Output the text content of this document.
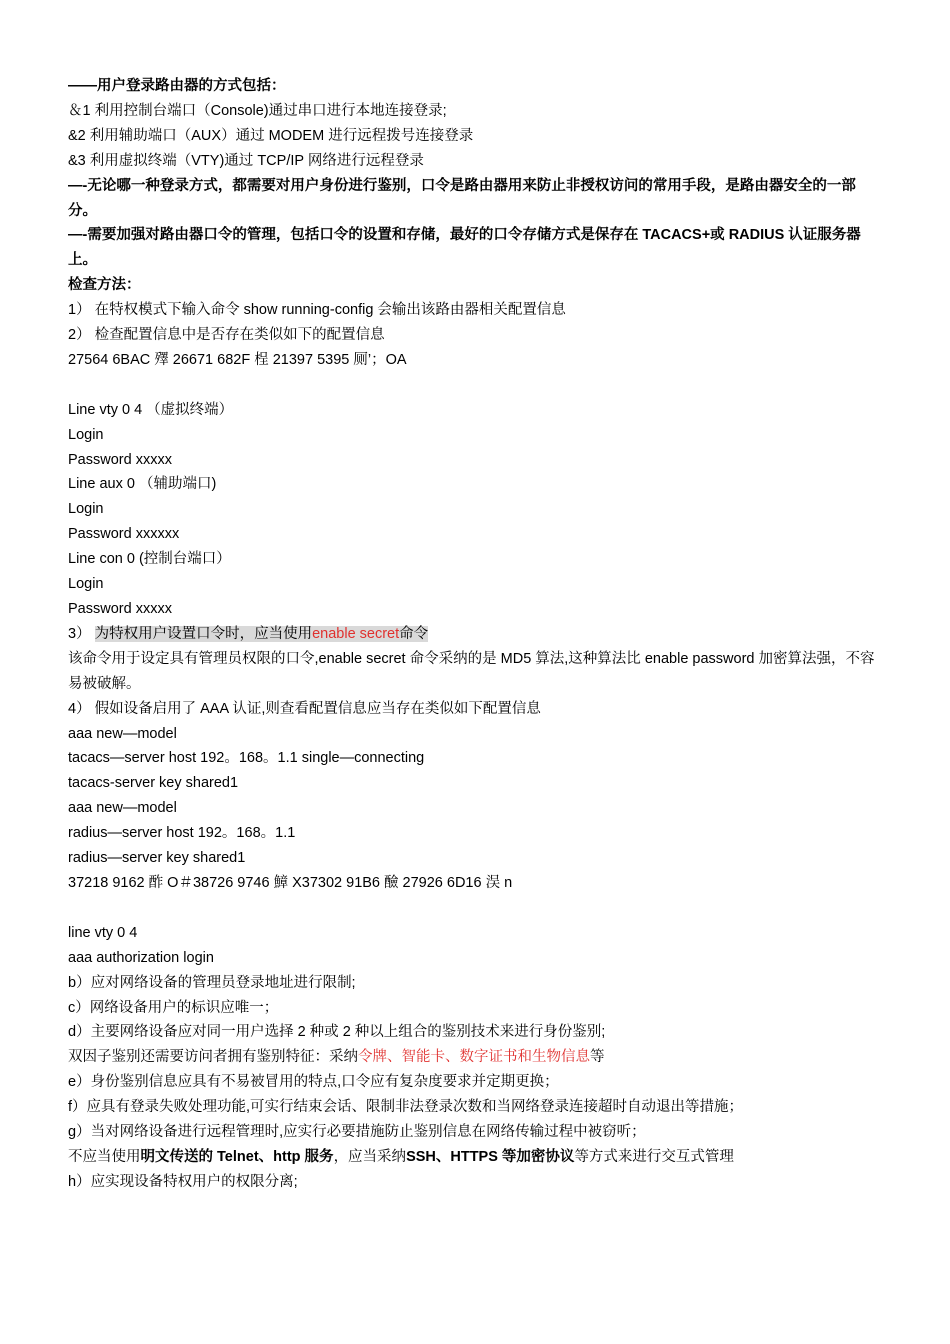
——用户登录路由器的方式包括：
＆1 利用控制台端口（Console)通过串口进行本地连接登录;
&2 利用辅助端口（AUX）通过 MODEM 进行远程拨号连接登录
&3 利用虚拟终端（VTY)通过 TCP/IP 网络进行远程登录
—-无论哪一种登录方式，都需要对用户身份进行鉴别，口令是路由器用来防止非授权访问的常用手段，是路由器安全的一部分。
—-需要加强对路由器口令的管理，包括口令的设置和存储，最好的口令存储方式是保存在 TACACS+或 RADIUS 认证服务器上。
检查方法：
1） 在特权模式下输入命令 show running-config 会输出该路由器相关配置信息
2） 检查配置信息中是否存在类似如下的配置信息
27564 6BAC 殬 26671 682F 桯 21397 5395 厕’；OA
Line vty 0 4 （虚拟终端）
Login
Password xxxxx
Line aux 0 （辅助端口)
Login
Password xxxxxx
Line con 0 (控制台端口）
Login
Password xxxxx
3） 为特权用户设置口令时，应当使用enable secret命令
该命令用于设定具有管理员权限的口令,enable secret 命令采纳的是 MD5 算法,这种算法比 enable password 加密算法强，不容易被破解。
4） 假如设备启用了 AAA 认证,则查看配置信息应当存在类似如下配置信息
aaa new—model
tacacs—server host 192。168。1.1 single—connecting
tacacs-server key shared1
aaa new—model
radius—server host 192。168。1.1
radius—server key shared1
37218 9162 酢 O＃38726 9746 鱆 X37302 91B6 醶 27926 6D16 洖 n
line vty 0 4
aaa authorization login
b）应对网络设备的管理员登录地址进行限制;
c）网络设备用户的标识应唯一；
d）主要网络设备应对同一用户选择 2 种或 2 种以上组合的鉴别技术来进行身份鉴别;
双因子鉴别还需要访问者拥有鉴别特征：采纳令牌、智能卡、数字证书和生物信息等
e）身份鉴别信息应具有不易被冒用的特点,口令应有复杂度要求并定期更换；
f）应具有登录失败处理功能,可实行结束会话、限制非法登录次数和当网络登录连接超时自动退出等措施；
g）当对网络设备进行远程管理时,应实行必要措施防止鉴别信息在网络传输过程中被窃听；
不应当使用明文传送的 Telnet、http 服务，应当采纳SSH、HTTPS 等加密协议等方式来进行交互式管理
h）应实现设备特权用户的权限分离;
